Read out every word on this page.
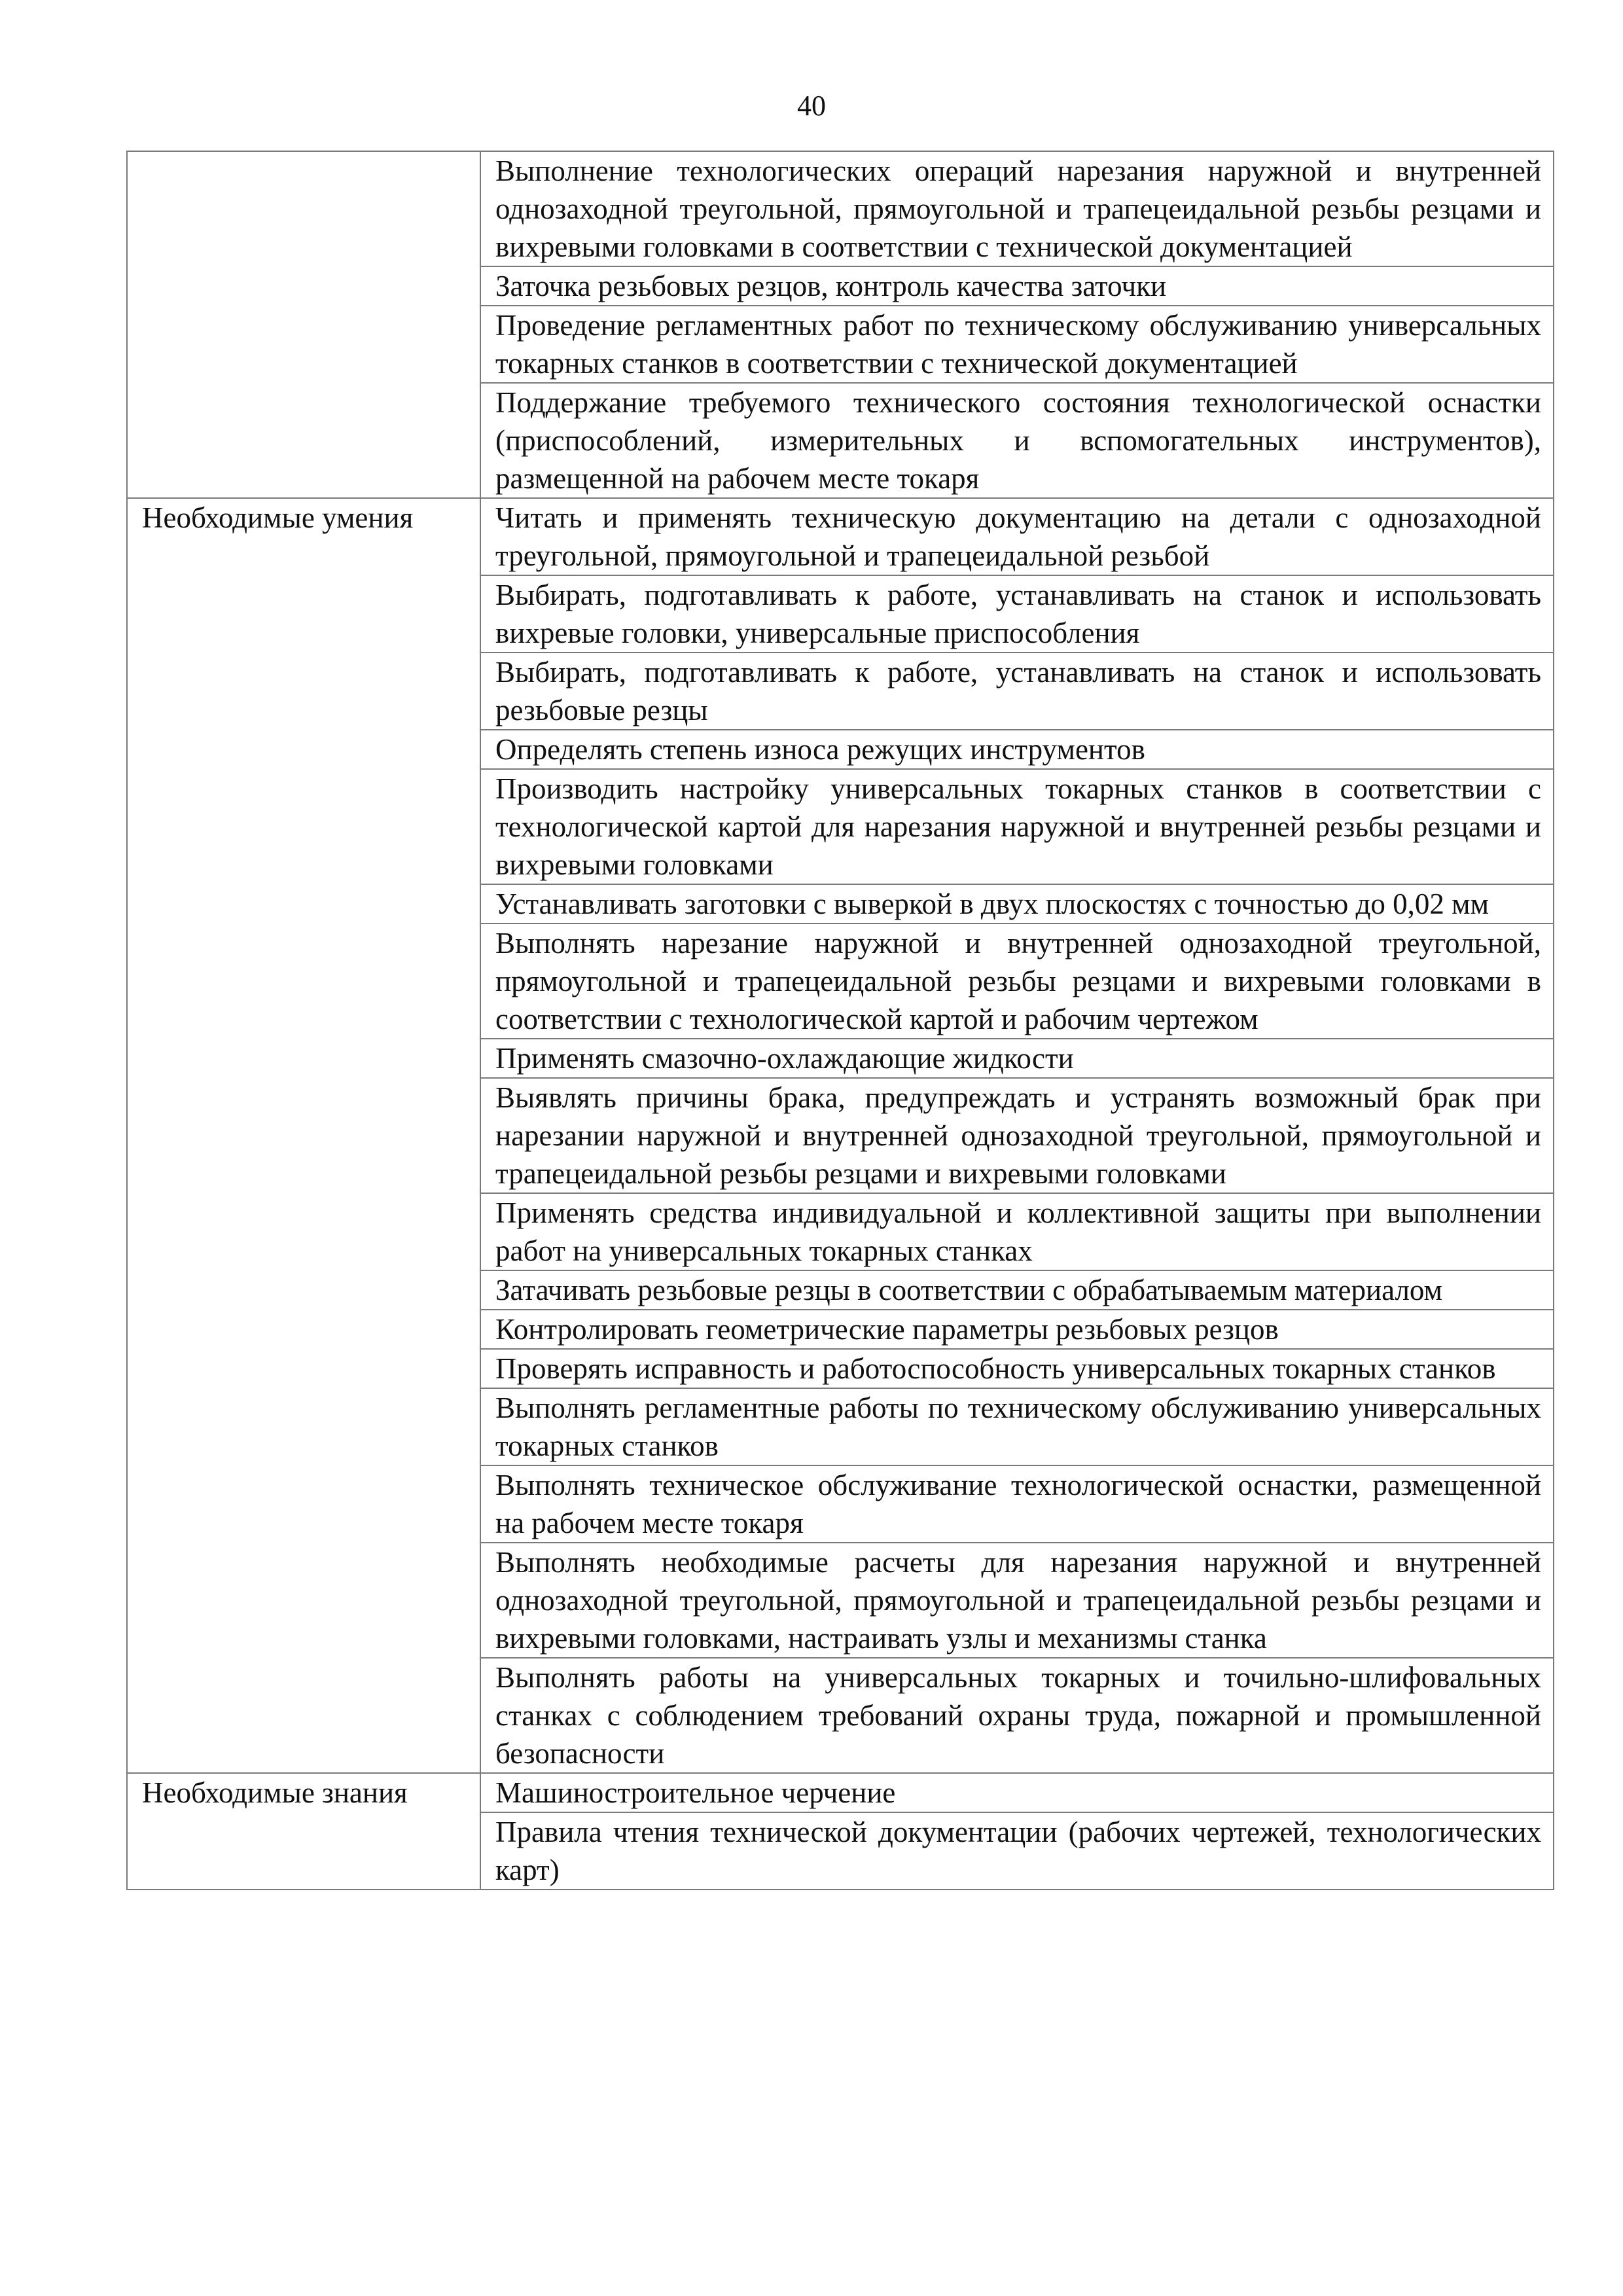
40
	Выполнение технологических операций нарезания наружной и внутренней однозаходной треугольной, прямоугольной и трапецеидальной резьбы резцами и вихревыми головками в соответствии с технической документацией
	Заточка резьбовых резцов, контроль качества заточки
	Проведение регламентных работ по техническому обслуживанию универсальных токарных станков в соответствии с технической документацией
	Поддержание требуемого технического состояния технологической оснастки (приспособлений, измерительных и вспомогательных инструментов), размещенной на рабочем месте токаря
Необходимые умения	Читать и применять техническую документацию на детали с однозаходной треугольной, прямоугольной и трапецеидальной резьбой
	Выбирать, подготавливать к работе, устанавливать на станок и использовать вихревые головки, универсальные приспособления
	Выбирать, подготавливать к работе, устанавливать на станок и использовать резьбовые резцы
	Определять степень износа режущих инструментов
	Производить настройку универсальных токарных станков в соответствии с технологической картой для нарезания наружной и внутренней резьбы резцами и вихревыми головками
	Устанавливать заготовки с выверкой в двух плоскостях с точностью до 0,02 мм
	Выполнять нарезание наружной и внутренней однозаходной треугольной, прямоугольной и трапецеидальной резьбы резцами и вихревыми головками в соответствии с технологической картой и рабочим чертежом
	Применять смазочно-охлаждающие жидкости
	Выявлять причины брака, предупреждать и устранять возможный брак при нарезании наружной и внутренней однозаходной треугольной, прямоугольной и трапецеидальной резьбы резцами и вихревыми головками
	Применять средства индивидуальной и коллективной защиты при выполнении работ на универсальных токарных станках
	Затачивать резьбовые резцы в соответствии с обрабатываемым материалом
	Контролировать геометрические параметры резьбовых резцов
	Проверять исправность и работоспособность универсальных токарных станков
	Выполнять регламентные работы по техническому обслуживанию универсальных токарных станков
	Выполнять техническое обслуживание технологической оснастки, размещенной на рабочем месте токаря
	Выполнять необходимые расчеты для нарезания наружной и внутренней однозаходной треугольной, прямоугольной и трапецеидальной резьбы резцами и вихревыми головками, настраивать узлы и механизмы станка
	Выполнять работы на универсальных токарных и точильно-шлифовальных станках с соблюдением требований охраны труда, пожарной и промышленной безопасности
Необходимые знания	Машиностроительное черчение
	Правила чтения технической документации (рабочих чертежей, технологических карт)
